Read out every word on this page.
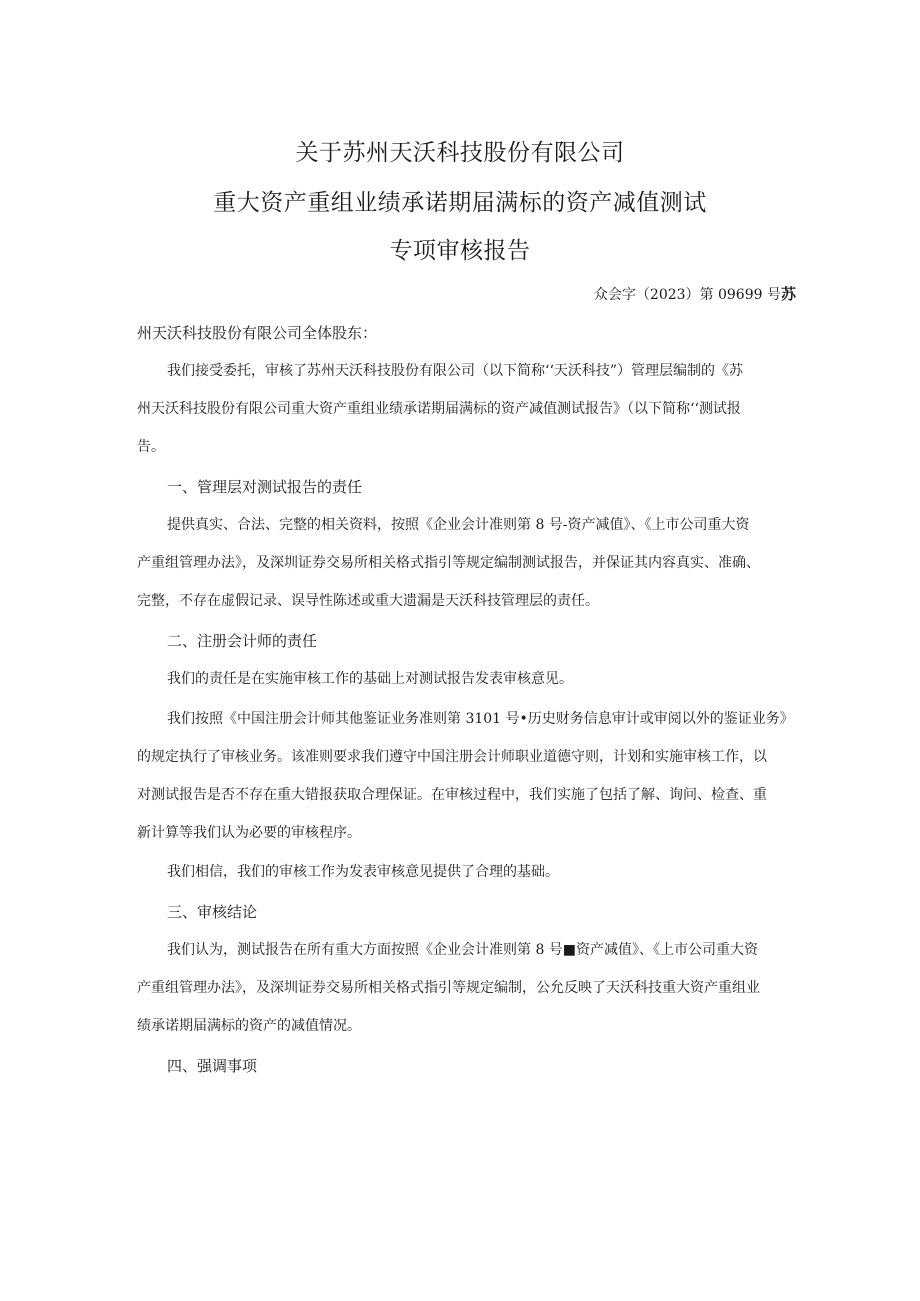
关于苏州天沃科技股份有限公司
重大资产重组业绩承诺期届满标的资产减值测试
专项审核报告
众会字（2023）第 09699 号苏
州天沃科技股份有限公司全体股东：
我们接受委托，审核了苏州天沃科技股份有限公司（以下简称‘‘天沃科技”）管理层编制的《苏
州天沃科技股份有限公司重大资产重组业绩承诺期届满标的资产减值测试报告》（以下简称‘‘测试报
告。
一、管理层对测试报告的责任
提供真实、合法、完整的相关资料，按照《企业会计准则第 8 号-资产减值》、《上市公司重大资
产重组管理办法》，及深圳证券交易所相关格式指引等规定编制测试报告，并保证其内容真实、准确、
完整，不存在虚假记录、误导性陈述或重大遗漏是天沃科技管理层的责任。
二、注册会计师的责任
我们的责任是在实施审核工作的基础上对测试报告发表审核意见。
我们按照《中国注册会计师其他鉴证业务准则第 3101 号•历史财务信息审计或审阅以外的鉴证业务》
的规定执行了审核业务。该准则要求我们遵守中国注册会计师职业道德守则，计划和实施审核工作，以
对测试报告是否不存在重大错报获取合理保证。在审核过程中，我们实施了包括了解、询问、检查、重
新计算等我们认为必要的审核程序。
我们相信，我们的审核工作为发表审核意见提供了合理的基础。
三、审核结论
我们认为，测试报告在所有重大方面按照《企业会计准则第 8 号■资产减值》、《上市公司重大资
产重组管理办法》，及深圳证券交易所相关格式指引等规定编制，公允反映了天沃科技重大资产重组业
绩承诺期届满标的资产的减值情况。
四、强调事项
